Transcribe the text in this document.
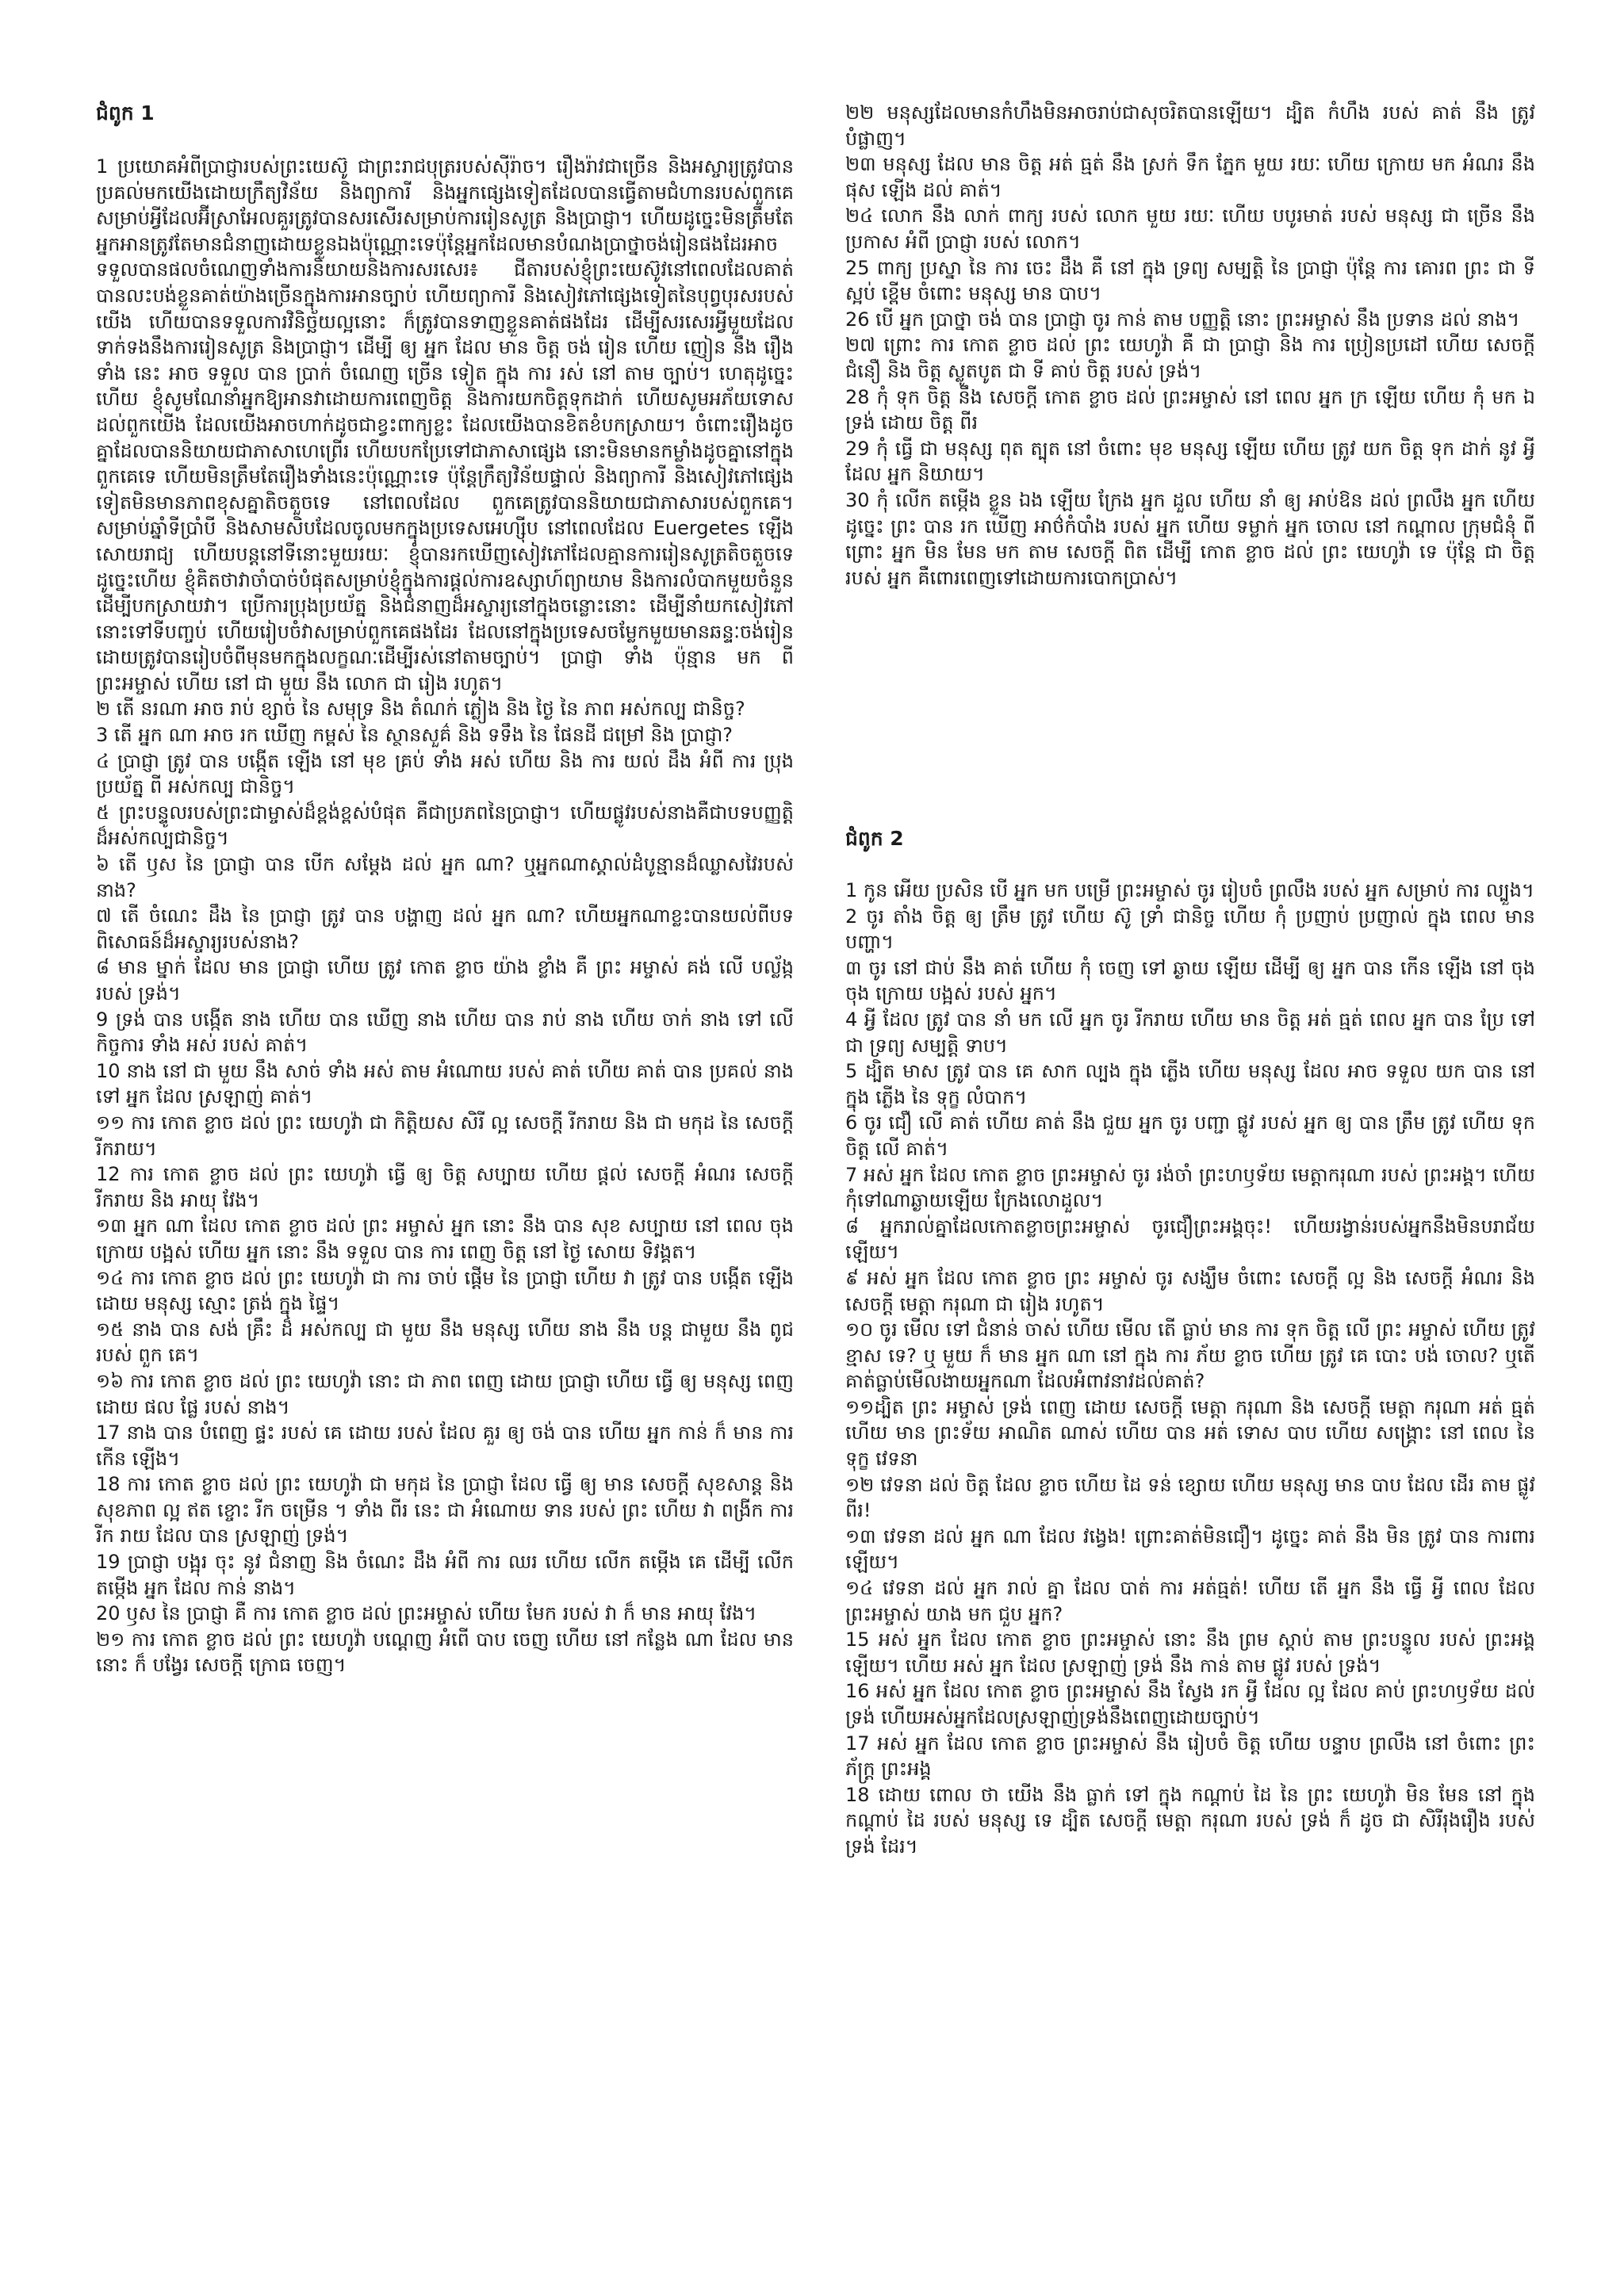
ជំពូក 1

1 ប្រយោគអំពីប្រាជ្ញារបស់ព្រះយេស៊ូ ជាព្រះរាជបុត្ររបស់ស៊ីរ៉ាច។ រឿងរ៉ាវជាច្រើន និងអស្ចារ្យត្រូវបានប្រគល់មកយើងដោយក្រឹត្យវិន័យ និងព្យាការី និងអ្នកផ្សេងទៀតដែលបានធ្វើតាមជំហានរបស់ពួកគេ សម្រាប់អ្វីដែលអ៊ីស្រាអែលគួរត្រូវបានសរសើរសម្រាប់ការរៀនសូត្រ និងប្រាជ្ញា។ ហើយដូច្នេះមិនត្រឹមតែអ្នកអានត្រូវតែមានជំនាញដោយខ្លួនឯងប៉ុណ្ណោះទេប៉ុន្តែអ្នកដែលមានបំណងប្រាថ្នាចង់រៀនផងដែរអាចទទួលបានផលចំណេញទាំងការនិយាយនិងការសរសេរ៖ ជីតារបស់ខ្ញុំព្រះយេស៊ូវនៅពេលដែលគាត់បានលះបង់ខ្លួនគាត់យ៉ាងច្រើនក្នុងការអានច្បាប់ ហើយព្យាការី និងសៀវភៅផ្សេងទៀតនៃបុព្វបុរសរបស់យើង ហើយបានទទួលការវិនិច្ឆ័យល្អនោះ ក៏ត្រូវបានទាញខ្លួនគាត់ផងដែរ ដើម្បីសរសេរអ្វីមួយដែលទាក់ទងនឹងការរៀនសូត្រ និងប្រាជ្ញា។ ដើម្បី ឲ្យ អ្នក ដែល មាន ចិត្ត ចង់ រៀន ហើយ ញៀន នឹង រឿង ទាំង នេះ អាច ទទួល បាន ប្រាក់ ចំណេញ ច្រើន ទៀត ក្នុង ការ រស់ នៅ តាម ច្បាប់។ ហេតុដូច្នេះហើយ ខ្ញុំសូមណែនាំអ្នកឱ្យអានវាដោយការពេញចិត្ត និងការយកចិត្តទុកដាក់ ហើយសូមអភ័យទោសដល់ពួកយើង ដែលយើងអាចហាក់ដូចជាខ្វះពាក្យខ្លះ ដែលយើងបានខិតខំបកស្រាយ។ ចំពោះរឿងដូចគ្នាដែលបាននិយាយជាភាសាហេព្រើរ ហើយបកប្រែទៅជាភាសាផ្សេង នោះមិនមានកម្លាំងដូចគ្នានៅក្នុងពួកគេទេ ហើយមិនត្រឹមតែរឿងទាំងនេះប៉ុណ្ណោះទេ ប៉ុន្តែក្រឹត្យវិន័យផ្ទាល់ និងព្យាការី និងសៀវភៅផ្សេងទៀតមិនមានភាពខុសគ្នាតិចតួចទេ នៅពេលដែល ពួកគេត្រូវបាននិយាយជាភាសារបស់ពួកគេ។ សម្រាប់ឆ្នាំទីប្រាំបី និងសាមសិបដែលចូលមកក្នុងប្រទេសអេហ្ស៊ីប នៅពេលដែល Euergetes ឡើងសោយរាជ្យ ហើយបន្តនៅទីនោះមួយរយៈ ខ្ញុំបានរកឃើញសៀវភៅដែលគ្មានការរៀនសូត្រតិចតួចទេ ដូច្នេះហើយ ខ្ញុំគិតថាវាចាំបាច់បំផុតសម្រាប់ខ្ញុំក្នុងការផ្តល់ការឧស្សាហ៍ព្យាយាម និងការលំបាកមួយចំនួនដើម្បីបកស្រាយវា។ ប្រើការប្រុងប្រយ័ត្ន និងជំនាញដ៏អស្ចារ្យនៅក្នុងចន្លោះនោះ ដើម្បីនាំយកសៀវភៅនោះទៅទីបញ្ចប់ ហើយរៀបចំវាសម្រាប់ពួកគេផងដែរ ដែលនៅក្នុងប្រទេសចម្លែកមួយមានឆន្ទៈចង់រៀន ដោយត្រូវបានរៀបចំពីមុនមកក្នុងលក្ខណៈដើម្បីរស់នៅតាមច្បាប់។ ប្រាជ្ញា ទាំង ប៉ុន្មាន មក ពី ព្រះអម្ចាស់ ហើយ នៅ ជា មួយ នឹង លោក ជា រៀង រហូត។
២ តើ នរណា អាច រាប់ ខ្សាច់ នៃ សមុទ្រ និង តំណក់ ភ្លៀង និង ថ្ងៃ នៃ ភាព អស់កល្ប ជានិច្ច?
3 តើ អ្នក ណា អាច រក ឃើញ កម្ពស់ នៃ ស្ថានសួគ៌ និង ទទឹង នៃ ផែនដី ជម្រៅ និង ប្រាជ្ញា?
៤ ប្រាជ្ញា ត្រូវ បាន បង្កើត ឡើង នៅ មុខ គ្រប់ ទាំង អស់ ហើយ និង ការ យល់ ដឹង អំពី ការ ប្រុង ប្រយ័ត្ន ពី អស់កល្ប ជានិច្ច។
៥ ព្រះបន្ទូលរបស់ព្រះជាម្ចាស់ដ៏ខ្ពង់ខ្ពស់បំផុត គឺជាប្រភពនៃប្រាជ្ញា។ ហើយផ្លូវរបស់នាងគឺជាបទបញ្ញត្តិដ៏អស់កល្បជានិច្ច។
៦ តើ ឫស នៃ ប្រាជ្ញា បាន បើក សម្តែង ដល់ អ្នក ណា? ឬអ្នកណាស្គាល់ដំបូន្មានដ៏ឈ្លាសវៃរបស់នាង?
៧ តើ ចំណេះ ដឹង នៃ ប្រាជ្ញា ត្រូវ បាន បង្ហាញ ដល់ អ្នក ណា? ហើយអ្នកណាខ្លះបានយល់ពីបទពិសោធន៍ដ៏អស្ចារ្យរបស់នាង?
៨ មាន ម្នាក់ ដែល មាន ប្រាជ្ញា ហើយ ត្រូវ កោត ខ្លាច យ៉ាង ខ្លាំង គឺ ព្រះ អម្ចាស់ គង់ លើ បល្ល័ង្ក របស់ ទ្រង់។
9 ទ្រង់ បាន បង្កើត នាង ហើយ បាន ឃើញ នាង ហើយ បាន រាប់ នាង ហើយ ចាក់ នាង ទៅ លើ កិច្ចការ ទាំង អស់ របស់ គាត់។
10 នាង នៅ ជា មួយ នឹង សាច់ ទាំង អស់ តាម អំណោយ របស់ គាត់ ហើយ គាត់ បាន ប្រគល់ នាង ទៅ អ្នក ដែល ស្រឡាញ់ គាត់។
១១ ការ កោត ខ្លាច ដល់ ព្រះ យេហូវ៉ា ជា កិត្តិយស សិរី ល្អ សេចក្តី រីករាយ និង ជា មកុដ នៃ សេចក្តី រីករាយ។
12 ការ កោត ខ្លាច ដល់ ព្រះ យេហូវ៉ា ធ្វើ ឲ្យ ចិត្ត សប្បាយ ហើយ ផ្តល់ សេចក្តី អំណរ សេចក្តី រីករាយ និង អាយុ វែង។
១៣ អ្នក ណា ដែល កោត ខ្លាច ដល់ ព្រះ អម្ចាស់ អ្នក នោះ នឹង បាន សុខ សប្បាយ នៅ ពេល ចុង ក្រោយ បង្អស់ ហើយ អ្នក នោះ នឹង ទទួល បាន ការ ពេញ ចិត្ត នៅ ថ្ងៃ សោយ ទិវង្គត។
១៤ ការ កោត ខ្លាច ដល់ ព្រះ យេហូវ៉ា ជា ការ ចាប់ ផ្ដើម នៃ ប្រាជ្ញា ហើយ វា ត្រូវ បាន បង្កើត ឡើង ដោយ មនុស្ស ស្មោះ ត្រង់ ក្នុង ផ្ទៃ។
១៥ នាង បាន សង់ គ្រឹះ ដ៏ អស់កល្ប ជា មួយ នឹង មនុស្ស ហើយ នាង នឹង បន្ត ជាមួយ នឹង ពូជ របស់ ពួក គេ។
១៦ ការ កោត ខ្លាច ដល់ ព្រះ យេហូវ៉ា នោះ ជា ភាព ពេញ ដោយ ប្រាជ្ញា ហើយ ធ្វើ ឲ្យ មនុស្ស ពេញ ដោយ ផល ផ្លែ របស់ នាង។
17 នាង បាន បំពេញ ផ្ទះ របស់ គេ ដោយ របស់ ដែល គួរ ឲ្យ ចង់ បាន ហើយ អ្នក កាន់ ក៏ មាន ការ កើន ឡើង។
18 ការ កោត ខ្លាច ដល់ ព្រះ យេហូវ៉ា ជា មកុដ នៃ ប្រាជ្ញា ដែល ធ្វើ ឲ្យ មាន សេចក្ដី សុខសាន្ត និង សុខភាព ល្អ ឥត ខ្ចោះ រីក ចម្រើន ។ ទាំង ពីរ នេះ ជា អំណោយ ទាន របស់ ព្រះ ហើយ វា ពង្រីក ការ រីក រាយ ដែល បាន ស្រឡាញ់ ទ្រង់។
19 ប្រាជ្ញា បង្អុរ ចុះ នូវ ជំនាញ និង ចំណេះ ដឹង អំពី ការ ឈរ ហើយ លើក តម្កើង គេ ដើម្បី លើក តម្កើង អ្នក ដែល កាន់ នាង។
20 ឫស នៃ ប្រាជ្ញា គឺ ការ កោត ខ្លាច ដល់ ព្រះអម្ចាស់ ហើយ មែក របស់ វា ក៏ មាន អាយុ វែង។
២១ ការ កោត ខ្លាច ដល់ ព្រះ យេហូវ៉ា បណ្តេញ អំពើ បាប ចេញ ហើយ នៅ កន្លែង ណា ដែល មាន នោះ ក៏ បង្វែរ សេចក្ដី ក្រោធ ចេញ។

២២ មនុស្សដែលមានកំហឹងមិនអាចរាប់ជាសុចរិតបានឡើយ។ ដ្បិត កំហឹង របស់ គាត់ នឹង ត្រូវ បំផ្លាញ។
២៣ មនុស្ស ដែល មាន ចិត្ត អត់ ធ្មត់ នឹង ស្រក់ ទឹក ភ្នែក មួយ រយៈ ហើយ ក្រោយ មក អំណរ នឹង ផុស ឡើង ដល់ គាត់។
២៤ លោក នឹង លាក់ ពាក្យ របស់ លោក មួយ រយៈ ហើយ បបូរមាត់ របស់ មនុស្ស ជា ច្រើន នឹង ប្រកាស អំពី ប្រាជ្ញា របស់ លោក។
25 ពាក្យ ប្រស្នា នៃ ការ ចេះ ដឹង គឺ នៅ ក្នុង ទ្រព្យ សម្បត្តិ នៃ ប្រាជ្ញា ប៉ុន្តែ ការ គោរព ព្រះ ជា ទី ស្អប់ ខ្ពើម ចំពោះ មនុស្ស មាន បាប។
26 បើ អ្នក ប្រាថ្នា ចង់ បាន ប្រាជ្ញា ចូរ កាន់ តាម បញ្ញត្តិ នោះ ព្រះអម្ចាស់ នឹង ប្រទាន ដល់ នាង។
២៧ ព្រោះ ការ កោត ខ្លាច ដល់ ព្រះ យេហូវ៉ា គឺ ជា ប្រាជ្ញា និង ការ ប្រៀនប្រដៅ ហើយ សេចក្តី ជំនឿ និង ចិត្ត ស្លូតបូត ជា ទី គាប់ ចិត្ត របស់ ទ្រង់។
28 កុំ ទុក ចិត្ត នឹង សេចក្តី កោត ខ្លាច ដល់ ព្រះអម្ចាស់ នៅ ពេល អ្នក ក្រ ឡើយ ហើយ កុំ មក ឯ ទ្រង់ ដោយ ចិត្ត ពីរ
29 កុំ ធ្វើ ជា មនុស្ស ពុត ត្បុត នៅ ចំពោះ មុខ មនុស្ស ឡើយ ហើយ ត្រូវ យក ចិត្ត ទុក ដាក់ នូវ អ្វី ដែល អ្នក និយាយ។
30 កុំ លើក តម្កើង ខ្លួន ឯង ឡើយ ក្រែង អ្នក ដួល ហើយ នាំ ឲ្យ អាប់ឱន ដល់ ព្រលឹង អ្នក ហើយ ដូច្នេះ ព្រះ បាន រក ឃើញ អាថ៌កំបាំង របស់ អ្នក ហើយ ទម្លាក់ អ្នក ចោល នៅ កណ្ដាល ក្រុមជំនុំ ពី ព្រោះ អ្នក មិន មែន មក តាម សេចក្ដី ពិត ដើម្បី កោត ខ្លាច ដល់ ព្រះ យេហូវ៉ា ទេ ប៉ុន្តែ ជា ចិត្ត របស់ អ្នក គឺពោរពេញទៅដោយការបោកប្រាស់។

ជំពូក 2

1 កូន អើយ ប្រសិន បើ អ្នក មក បម្រើ ព្រះអម្ចាស់ ចូរ រៀបចំ ព្រលឹង របស់ អ្នក សម្រាប់ ការ ល្បួង។
2 ចូរ តាំង ចិត្ត ឲ្យ ត្រឹម ត្រូវ ហើយ ស៊ូ ទ្រាំ ជានិច្ច ហើយ កុំ ប្រញាប់ ប្រញាល់ ក្នុង ពេល មាន បញ្ហា។
៣ ចូរ នៅ ជាប់ នឹង គាត់ ហើយ កុំ ចេញ ទៅ ឆ្ងាយ ឡើយ ដើម្បី ឲ្យ អ្នក បាន កើន ឡើង នៅ ចុង ចុង ក្រោយ បង្អស់ របស់ អ្នក។
4 អ្វី ដែល ត្រូវ បាន នាំ មក លើ អ្នក ចូរ រីករាយ ហើយ មាន ចិត្ត អត់ ធ្មត់ ពេល អ្នក បាន ប្រែ ទៅ ជា ទ្រព្យ សម្បត្តិ ទាប។
5 ដ្បិត មាស ត្រូវ បាន គេ សាក ល្បង ក្នុង ភ្លើង ហើយ មនុស្ស ដែល អាច ទទួល យក បាន នៅ ក្នុង ភ្លើង នៃ ទុក្ខ លំបាក។
6 ចូរ ជឿ លើ គាត់ ហើយ គាត់ នឹង ជួយ អ្នក ចូរ បញ្ជា ផ្លូវ របស់ អ្នក ឲ្យ បាន ត្រឹម ត្រូវ ហើយ ទុក ចិត្ត លើ គាត់។
7 អស់ អ្នក ដែល កោត ខ្លាច ព្រះអម្ចាស់ ចូរ រង់ចាំ ព្រះហឫទ័យ មេត្តាករុណា របស់ ព្រះអង្គ។ ហើយកុំទៅណាឆ្ងាយឡើយ ក្រែងលោដួល។
៨ អ្នករាល់គ្នាដែលកោតខ្លាចព្រះអម្ចាស់ ចូរជឿព្រះអង្គចុះ! ហើយរង្វាន់របស់អ្នកនឹងមិនបរាជ័យឡើយ។
៩ អស់ អ្នក ដែល កោត ខ្លាច ព្រះ អម្ចាស់ ចូរ សង្ឃឹម ចំពោះ សេចក្តី ល្អ និង សេចក្តី អំណរ និង សេចក្តី មេត្តា ករុណា ជា រៀង រហូត។
១០ ចូរ មើល ទៅ ជំនាន់ ចាស់ ហើយ មើល តើ ធ្លាប់ មាន ការ ទុក ចិត្ត លើ ព្រះ អម្ចាស់ ហើយ ត្រូវ ខ្មាស ទេ? ឬ មួយ ក៏ មាន អ្នក ណា នៅ ក្នុង ការ ភ័យ ខ្លាច ហើយ ត្រូវ គេ បោះ បង់ ចោល? ឬតើគាត់ធ្លាប់មើលងាយអ្នកណា ដែលអំពាវនាវដល់គាត់?
១១ដ្បិត ព្រះ អម្ចាស់ ទ្រង់ ពេញ ដោយ សេចក្តី មេត្តា ករុណា និង សេចក្ដី មេត្តា ករុណា អត់ ធ្មត់ ហើយ មាន ព្រះទ័យ អាណិត ណាស់ ហើយ បាន អត់ ទោស បាប ហើយ សង្គ្រោះ នៅ ពេល នៃ ទុក្ខ វេទនា
១២ វេទនា ដល់ ចិត្ត ដែល ខ្លាច ហើយ ដៃ ទន់ ខ្សោយ ហើយ មនុស្ស មាន បាប ដែល ដើរ តាម ផ្លូវ ពីរ!
១៣ វេទនា ដល់ អ្នក ណា ដែល វង្វេង! ព្រោះគាត់មិនជឿ។ ដូច្នេះ គាត់ នឹង មិន ត្រូវ បាន ការពារ ឡើយ។
១៤ វេទនា ដល់ អ្នក រាល់ គ្នា ដែល បាត់ ការ អត់ធ្មត់! ហើយ តើ អ្នក នឹង ធ្វើ អ្វី ពេល ដែល ព្រះអម្ចាស់ យាង មក ជួប អ្នក?
15 អស់ អ្នក ដែល កោត ខ្លាច ព្រះអម្ចាស់ នោះ នឹង ព្រម ស្តាប់ តាម ព្រះបន្ទូល របស់ ព្រះអង្គ ឡើយ។ ហើយ អស់ អ្នក ដែល ស្រឡាញ់ ទ្រង់ នឹង កាន់ តាម ផ្លូវ របស់ ទ្រង់។
16 អស់ អ្នក ដែល កោត ខ្លាច ព្រះអម្ចាស់ នឹង ស្វែង រក អ្វី ដែល ល្អ ដែល គាប់ ព្រះហឫទ័យ ដល់ ទ្រង់ ហើយអស់អ្នកដែលស្រឡាញ់ទ្រង់នឹងពេញដោយច្បាប់។
17 អស់ អ្នក ដែល កោត ខ្លាច ព្រះអម្ចាស់ នឹង រៀបចំ ចិត្ត ហើយ បន្ទាប ព្រលឹង នៅ ចំពោះ ព្រះភ័ក្ត្រ ព្រះអង្គ
18 ដោយ ពោល ថា យើង នឹង ធ្លាក់ ទៅ ក្នុង កណ្ដាប់ ដៃ នៃ ព្រះ យេហូវ៉ា មិន មែន នៅ ក្នុង កណ្ដាប់ ដៃ របស់ មនុស្ស ទេ ដ្បិត សេចក្ដី មេត្តា ករុណា របស់ ទ្រង់ ក៏ ដូច ជា សិរីរុងរឿង របស់ ទ្រង់ ដែរ។
